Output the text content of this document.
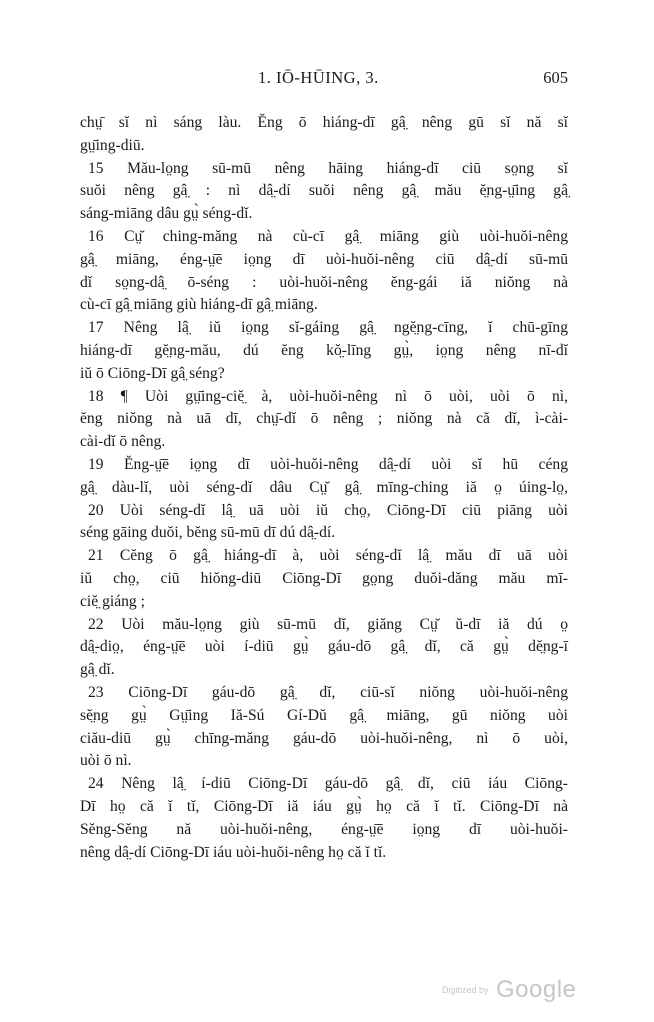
1. IŌ-HŪING, 3.	605
chṳ̄ sĭ nì sáng làu. Ĕng ō hiáng-dī gâ̤ nêng gū sĭ nă sĭ
gṳ̄ing-diū.
15 Mău-lo̤ng sū-mū nêng hāing hiáng-dī ciū so̤ng sĭ
suŏi nêng gâ̤ : nì dâ̤-dí suŏi nêng gâ̤ mău ĕ̤ng-ṳ̄ing gâ̤
sáng-miāng dâu gṳ̀ séng-dĭ.
16 Cṳ̆ ching-măng nà cù-cī gâ̤ miāng giù uòi-huŏi-nêng
gâ̤ miāng, éng-ṳ̄ē io̤ng dī uòi-huŏi-nêng ciū dâ̤-dí sū-mū
dĭ so̤ng-dâ̤ ō-séng : uòi-huŏi-nêng ĕng-gái iă niŏng nà
cù-cī gâ̤ miāng giù hiáng-dī gâ̤ miāng.
17 Nêng lâ̤ iŭ io̤ng sĭ-gáing gâ̤ ngĕ̤ng-cīng, ĭ chū-gīng
hiáng-dī gĕ̤ng-mău, dú ĕng kŏ̤-līng gṳ̀, io̤ng nêng nī-dĭ
iŭ ō Ciōng-Dī gâ̤ séng?
18 ¶ Uòi gṳ̄ing-ciĕ̤ à, uòi-huŏi-nêng nì ō uòi, uòi ō nì,
ĕng niŏng nà uā dī, chṳ̄-dĭ ō nêng ; niŏng nà că dĭ, ì-cài-
cài-dĭ ō nêng.
19 Ĕng-ṳ̄ē io̤ng dī uòi-huŏi-nêng dâ̤-dí uòi sĭ hū céng
gâ̤ dàu-lĭ, uòi séng-dĭ dâu Cṳ̆ gâ̤ mīng-ching iă o̤ úing-lo̤,
20 Uòi séng-dĭ lâ̤ uā uòi iŭ cho̤, Ciōng-Dī ciū piāng uòi
séng gāing duŏi, bĕng sū-mū dī dú dâ̤-dí.
21 Cĕng ō gâ̤ hiáng-dī à, uòi séng-dĭ lâ̤ mău dī uā uòi
iŭ cho̤, ciū hiŏng-diū Ciōng-Dī go̤ng duŏi-dăng mău mī-
ciĕ̤ giáng ;
22 Uòi mău-lo̤ng giù sū-mū dĭ, giăng Cṳ̆ ŭ-dī iă dú o̤
dâ̤-dio̤, éng-ṳ̄ē uòi í-diū gṳ̀ gáu-dō gâ̤ dĭ, că gṳ̀ dĕ̤ng-ī
gâ̤ dĭ.
23 Ciōng-Dī gáu-dō gâ̤ dĭ, ciū-sĭ niŏng uòi-huŏi-nêng
sĕ̤ng gṳ̀ Gṳ̄ing Iă-Sú Gí-Dŭ gâ̤ miāng, gū niŏng uòi
ciău-diū gṳ̀ chīng-măng gáu-dō uòi-huŏi-nêng, nì ō uòi,
uòi ō nì.
24 Nêng lâ̤ í-diū Ciōng-Dī gáu-dō gâ̤ dĭ, ciū iáu Ciōng-
Dī ho̤ că ĭ tĭ, Ciōng-Dī iă iáu gṳ̀ ho̤ că ĭ tĭ. Ciōng-Dī nà
Sĕng-Sĕng nă uòi-huŏi-nêng, éng-ṳ̄ē io̤ng dī uòi-huŏi-
nêng dâ̤-dí Ciōng-Dī iáu uòi-huŏi-nêng ho̤ că ĭ tĭ.
Digitized by Google
